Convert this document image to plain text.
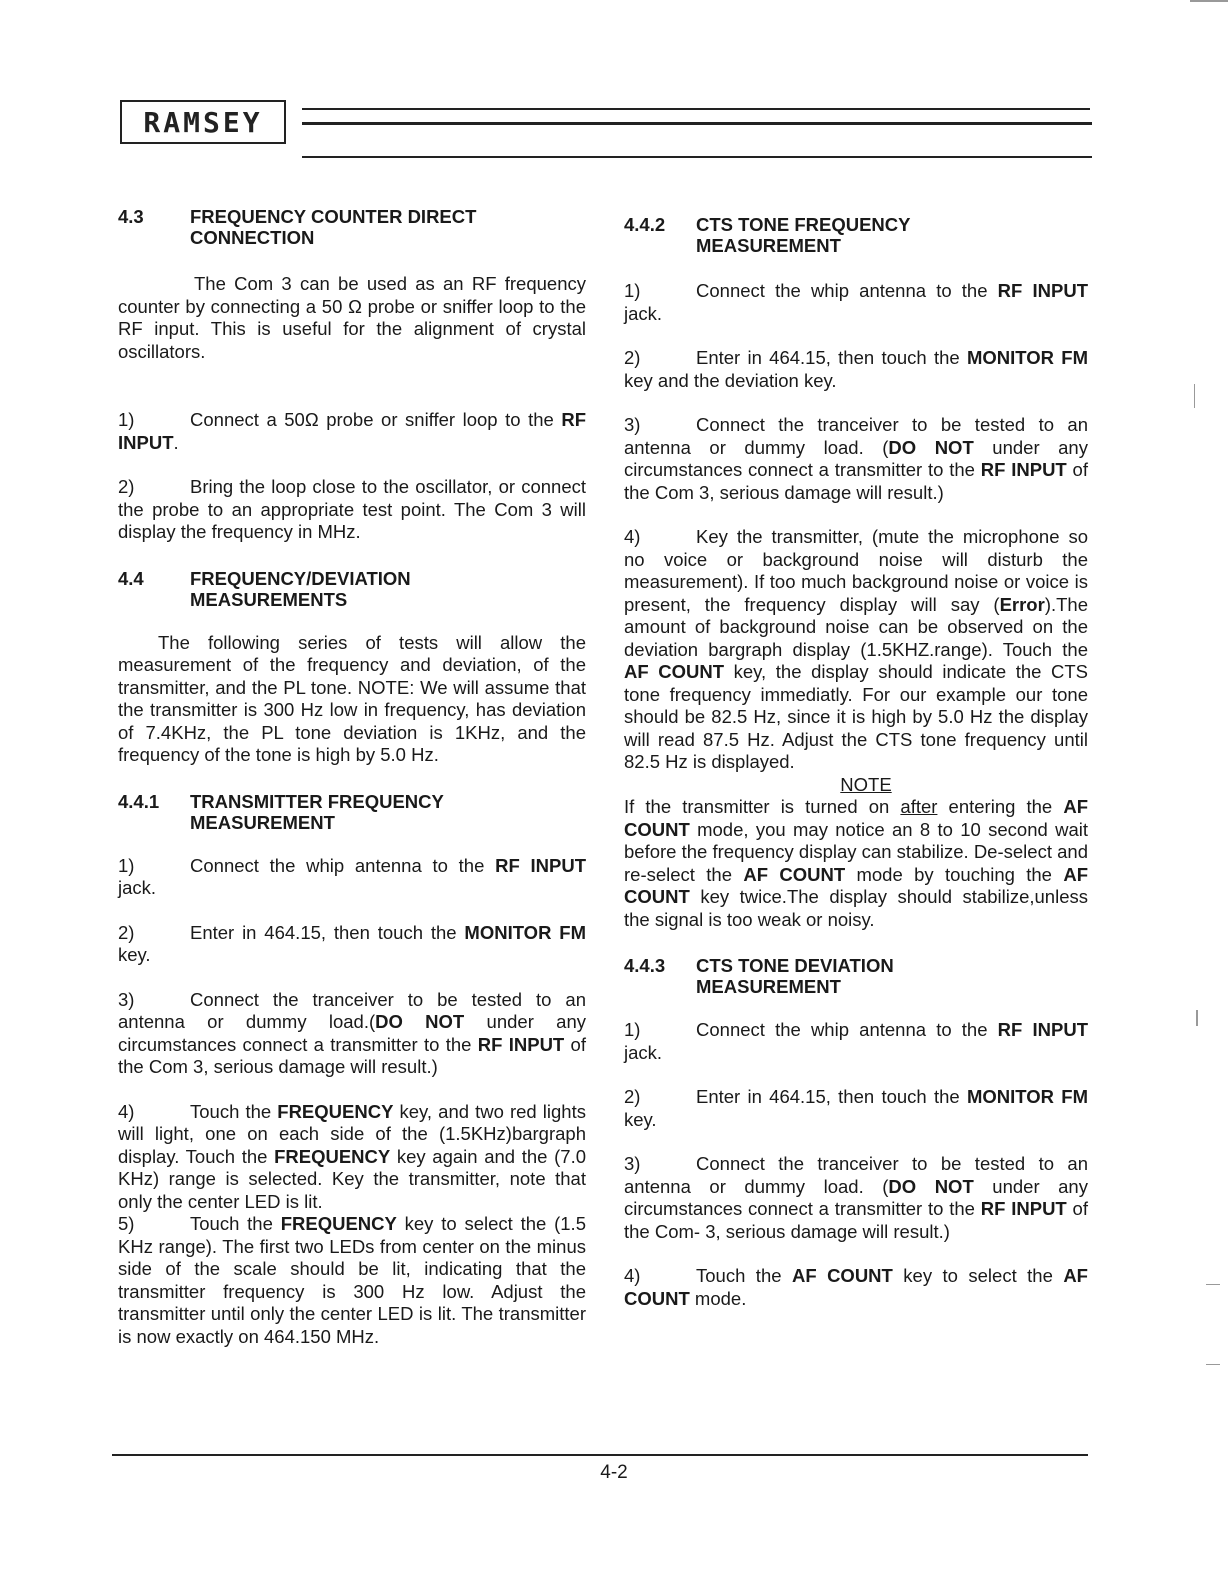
RAMSEY
4.3	FREQUENCY COUNTER DIRECT CONNECTION

The Com 3 can be used as an RF frequency counter by connecting a 50 Ω probe or sniffer loop to the RF input. This is useful for the alignment of crystal oscillators.

1)	Connect a 50Ω probe or sniffer loop to the RF INPUT.

2)	Bring the loop close to the oscillator, or connect the probe to an appropriate test point. The Com 3 will display the frequency in MHz.

4.4	FREQUENCY/DEVIATION MEASUREMENTS

The following series of tests will allow the measurement of the frequency and deviation, of the transmitter, and the PL tone. NOTE: We will assume that the transmitter is 300 Hz low in frequency, has deviation of 7.4KHz, the PL tone deviation is 1KHz, and the frequency of the tone is high by 5.0 Hz.

4.4.1	TRANSMITTER FREQUENCY MEASUREMENT

1)	Connect the whip antenna to the RF INPUT jack.

2)	Enter in 464.15, then touch the MONITOR FM key.

3)	Connect the tranceiver to be tested to an antenna or dummy load.(DO NOT under any circumstances connect a transmitter to the RF INPUT of the Com 3, serious damage will result.)

4)	Touch the FREQUENCY key, and two red lights will light, one on each side of the (1.5KHz)bargraph display. Touch the FREQUENCY key again and the (7.0 KHz) range is selected. Key the transmitter, note that only the center LED is lit.

5)	Touch the FREQUENCY key to select the (1.5 KHz range). The first two LEDs from center on the minus side of the scale should be lit, indicating that the transmitter frequency is 300 Hz low. Adjust the transmitter until only the center LED is lit. The transmitter is now exactly on 464.150 MHz.

4.4.2	CTS TONE FREQUENCY MEASUREMENT

1)	Connect the whip antenna to the RF INPUT jack.

2)	Enter in 464.15, then touch the MONITOR FM key and the deviation key.

3)	Connect the tranceiver to be tested to an antenna or dummy load. (DO NOT under any circumstances connect a transmitter to the RF INPUT of the Com 3, serious damage will result.)

4)	Key the transmitter, (mute the microphone so no voice or background noise will disturb the measurement). If too much background noise or voice is present, the frequency display will say (Error).The amount of background noise can be observed on the deviation bargraph display (1.5KHZ.range). Touch the AF COUNT key, the display should indicate the CTS tone frequency immediatly. For our example our tone should be 82.5 Hz, since it is high by 5.0 Hz the display will read 87.5 Hz. Adjust the CTS tone frequency until 82.5 Hz is displayed.

NOTE

If the transmitter is turned on after entering the AF COUNT mode, you may notice an 8 to 10 second wait before the frequency display can stabilize. De-select and re-select the AF COUNT mode by touching the AF COUNT key twice.The display should stabilize,unless the signal is too weak or noisy.

4.4.3	CTS TONE DEVIATION MEASUREMENT

1)	Connect the whip antenna to the RF INPUT jack.

2)	Enter in 464.15, then touch the MONITOR FM key.

3)	Connect the tranceiver to be tested to an antenna or dummy load. (DO NOT under any circumstances connect a transmitter to the RF INPUT of the Com- 3, serious damage will result.)

4)	Touch the AF COUNT key to select the AF COUNT mode.

4-2
